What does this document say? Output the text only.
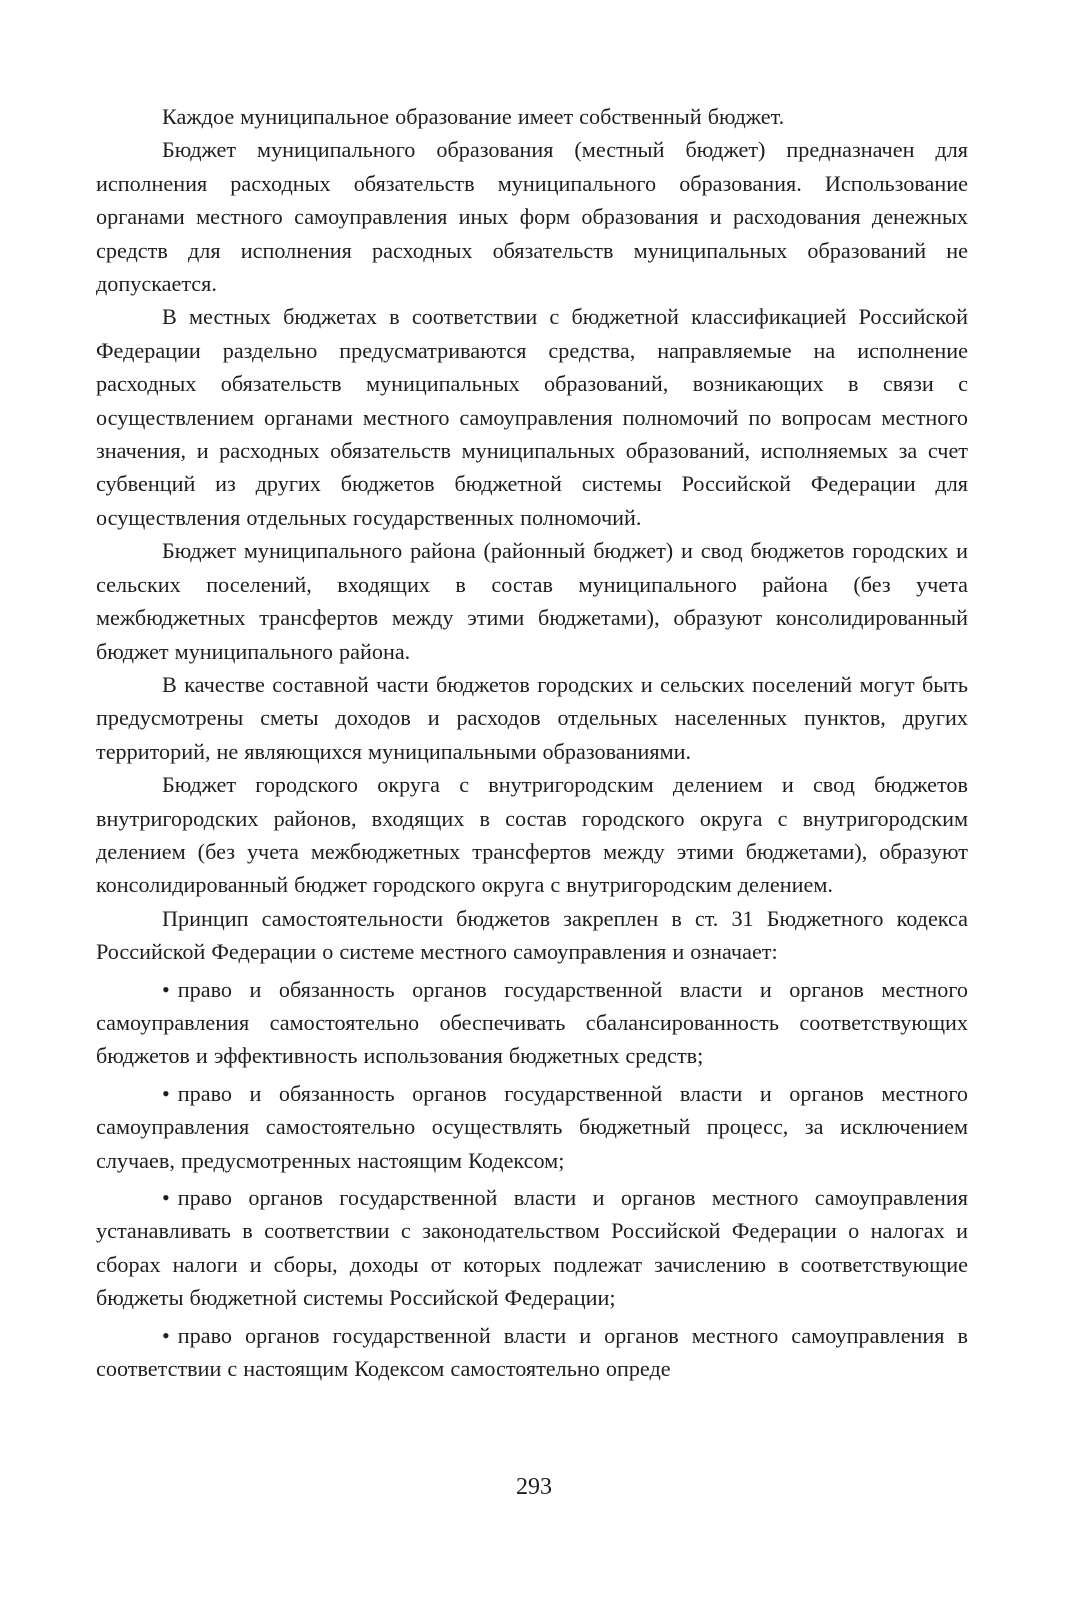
Каждое муниципальное образование имеет собственный бюджет.

Бюджет муниципального образования (местный бюджет) предназначен для исполнения расходных обязательств муниципального образования. Использование органами местного самоуправления иных форм образования и расходования денежных средств для исполнения расходных обязательств муниципальных образований не допускается.

В местных бюджетах в соответствии с бюджетной классификацией Российской Федерации раздельно предусматриваются средства, направляемые на исполнение расходных обязательств муниципальных образований, возникающих в связи с осуществлением органами местного самоуправления полномочий по вопросам местного значения, и расходных обязательств муниципальных образований, исполняемых за счет субвенций из других бюджетов бюджетной системы Российской Федерации для осуществления отдельных государственных полномочий.

Бюджет муниципального района (районный бюджет) и свод бюджетов городских и сельских поселений, входящих в состав муниципального района (без учета межбюджетных трансфертов между этими бюджетами), образуют консолидированный бюджет муниципального района.

В качестве составной части бюджетов городских и сельских поселений могут быть предусмотрены сметы доходов и расходов отдельных населенных пунктов, других территорий, не являющихся муниципальными образованиями.

Бюджет городского округа с внутригородским делением и свод бюджетов внутригородских районов, входящих в состав городского округа с внутригородским делением (без учета межбюджетных трансфертов между этими бюджетами), образуют консолидированный бюджет городского округа с внутригородским делением.

Принцип самостоятельности бюджетов закреплен в ст. 31 Бюджетного кодекса Российской Федерации о системе местного самоуправления и означает:

• право и обязанность органов государственной власти и органов местного самоуправления самостоятельно обеспечивать сбалансированность соответствующих бюджетов и эффективность использования бюджетных средств;

• право и обязанность органов государственной власти и органов местного самоуправления самостоятельно осуществлять бюджетный процесс, за исключением случаев, предусмотренных настоящим Кодексом;

• право органов государственной власти и органов местного самоуправления устанавливать в соответствии с законодательством Российской Федерации о налогах и сборах налоги и сборы, доходы от которых подлежат зачислению в соответствующие бюджеты бюджетной системы Российской Федерации;

• право органов государственной власти и органов местного самоуправления в соответствии с настоящим Кодексом самостоятельно опреде

293
